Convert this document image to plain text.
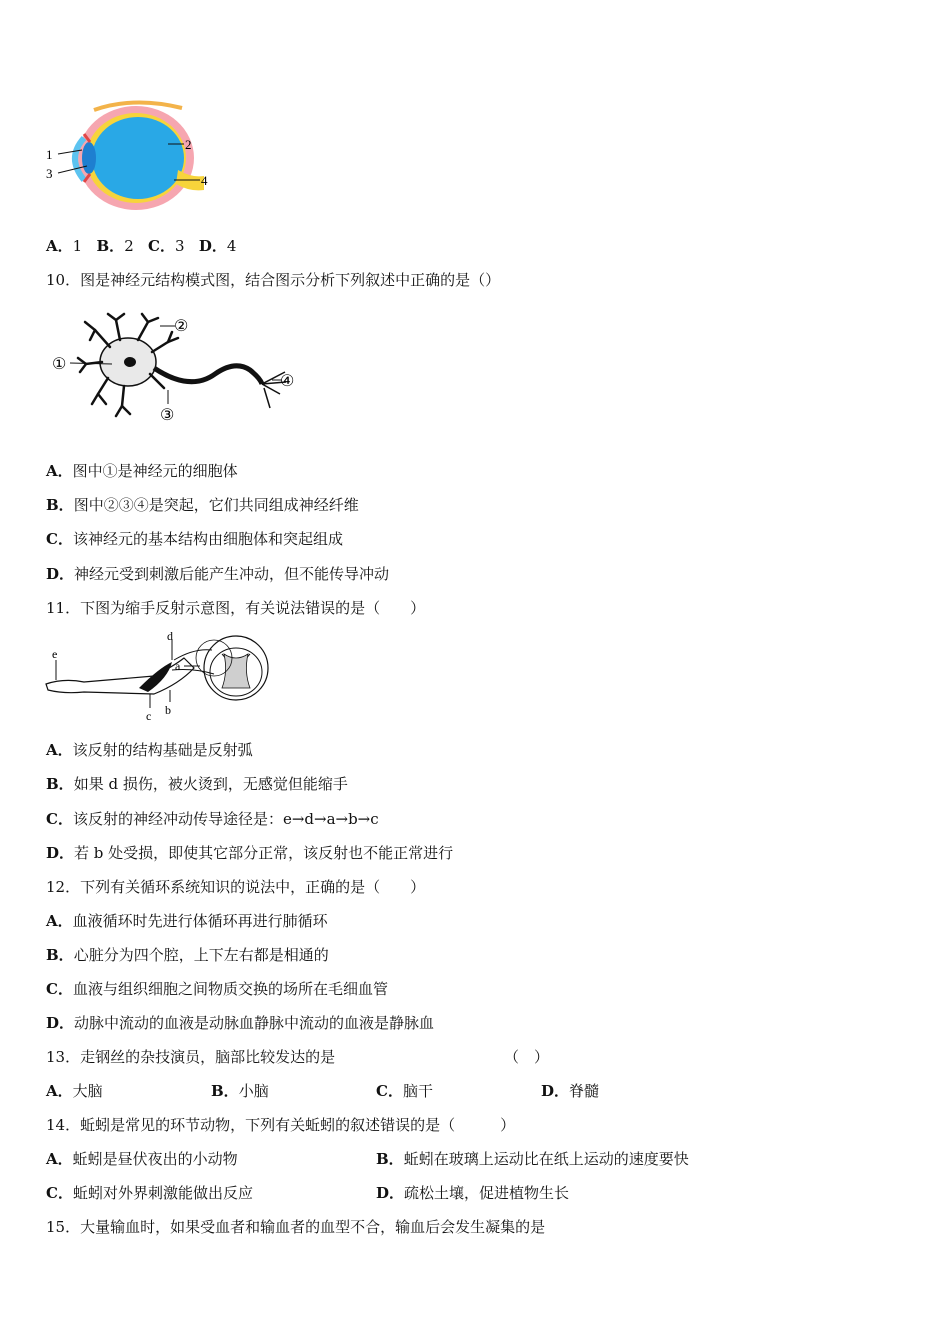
1
3
2
4
A．1 B．2 C．3 D．4
10．图是神经元结构模式图，结合图示分析下列叙述中正确的是（）
①
②
③
④
A．图中①是神经元的细胞体
B．图中②③④是突起，它们共同组成神经纤维
C．该神经元的基本结构由细胞体和突起组成
D．神经元受到刺激后能产生冲动，但不能传导冲动
11．下图为缩手反射示意图，有关说法错误的是（　　）
e
d
a
c b
A．该反射的结构基础是反射弧
B．如果 d 损伤，被火烫到，无感觉但能缩手
C．该反射的神经冲动传导途径是：e→d→a→b→c
D．若 b 处受损，即使其它部分正常，该反射也不能正常进行
12．下列有关循环系统知识的说法中，正确的是（　　）
A．血液循环时先进行体循环再进行肺循环
B．心脏分为四个腔，上下左右都是相通的
C．血液与组织细胞之间物质交换的场所在毛细血管
D．动脉中流动的血液是动脉血静脉中流动的血液是静脉血
13．走钢丝的杂技演员，脑部比较发达的是	（　）
A．大脑	B．小脑	C．脑干	D．脊髓
14．蚯蚓是常见的环节动物，下列有关蚯蚓的叙述错误的是（　　　）
A．蚯蚓是昼伏夜出的小动物	B．蚯蚓在玻璃上运动比在纸上运动的速度要快
C．蚯蚓对外界刺激能做出反应	D．疏松土壤，促进植物生长
15．大量输血时，如果受血者和输血者的血型不合，输血后会发生凝集的是
